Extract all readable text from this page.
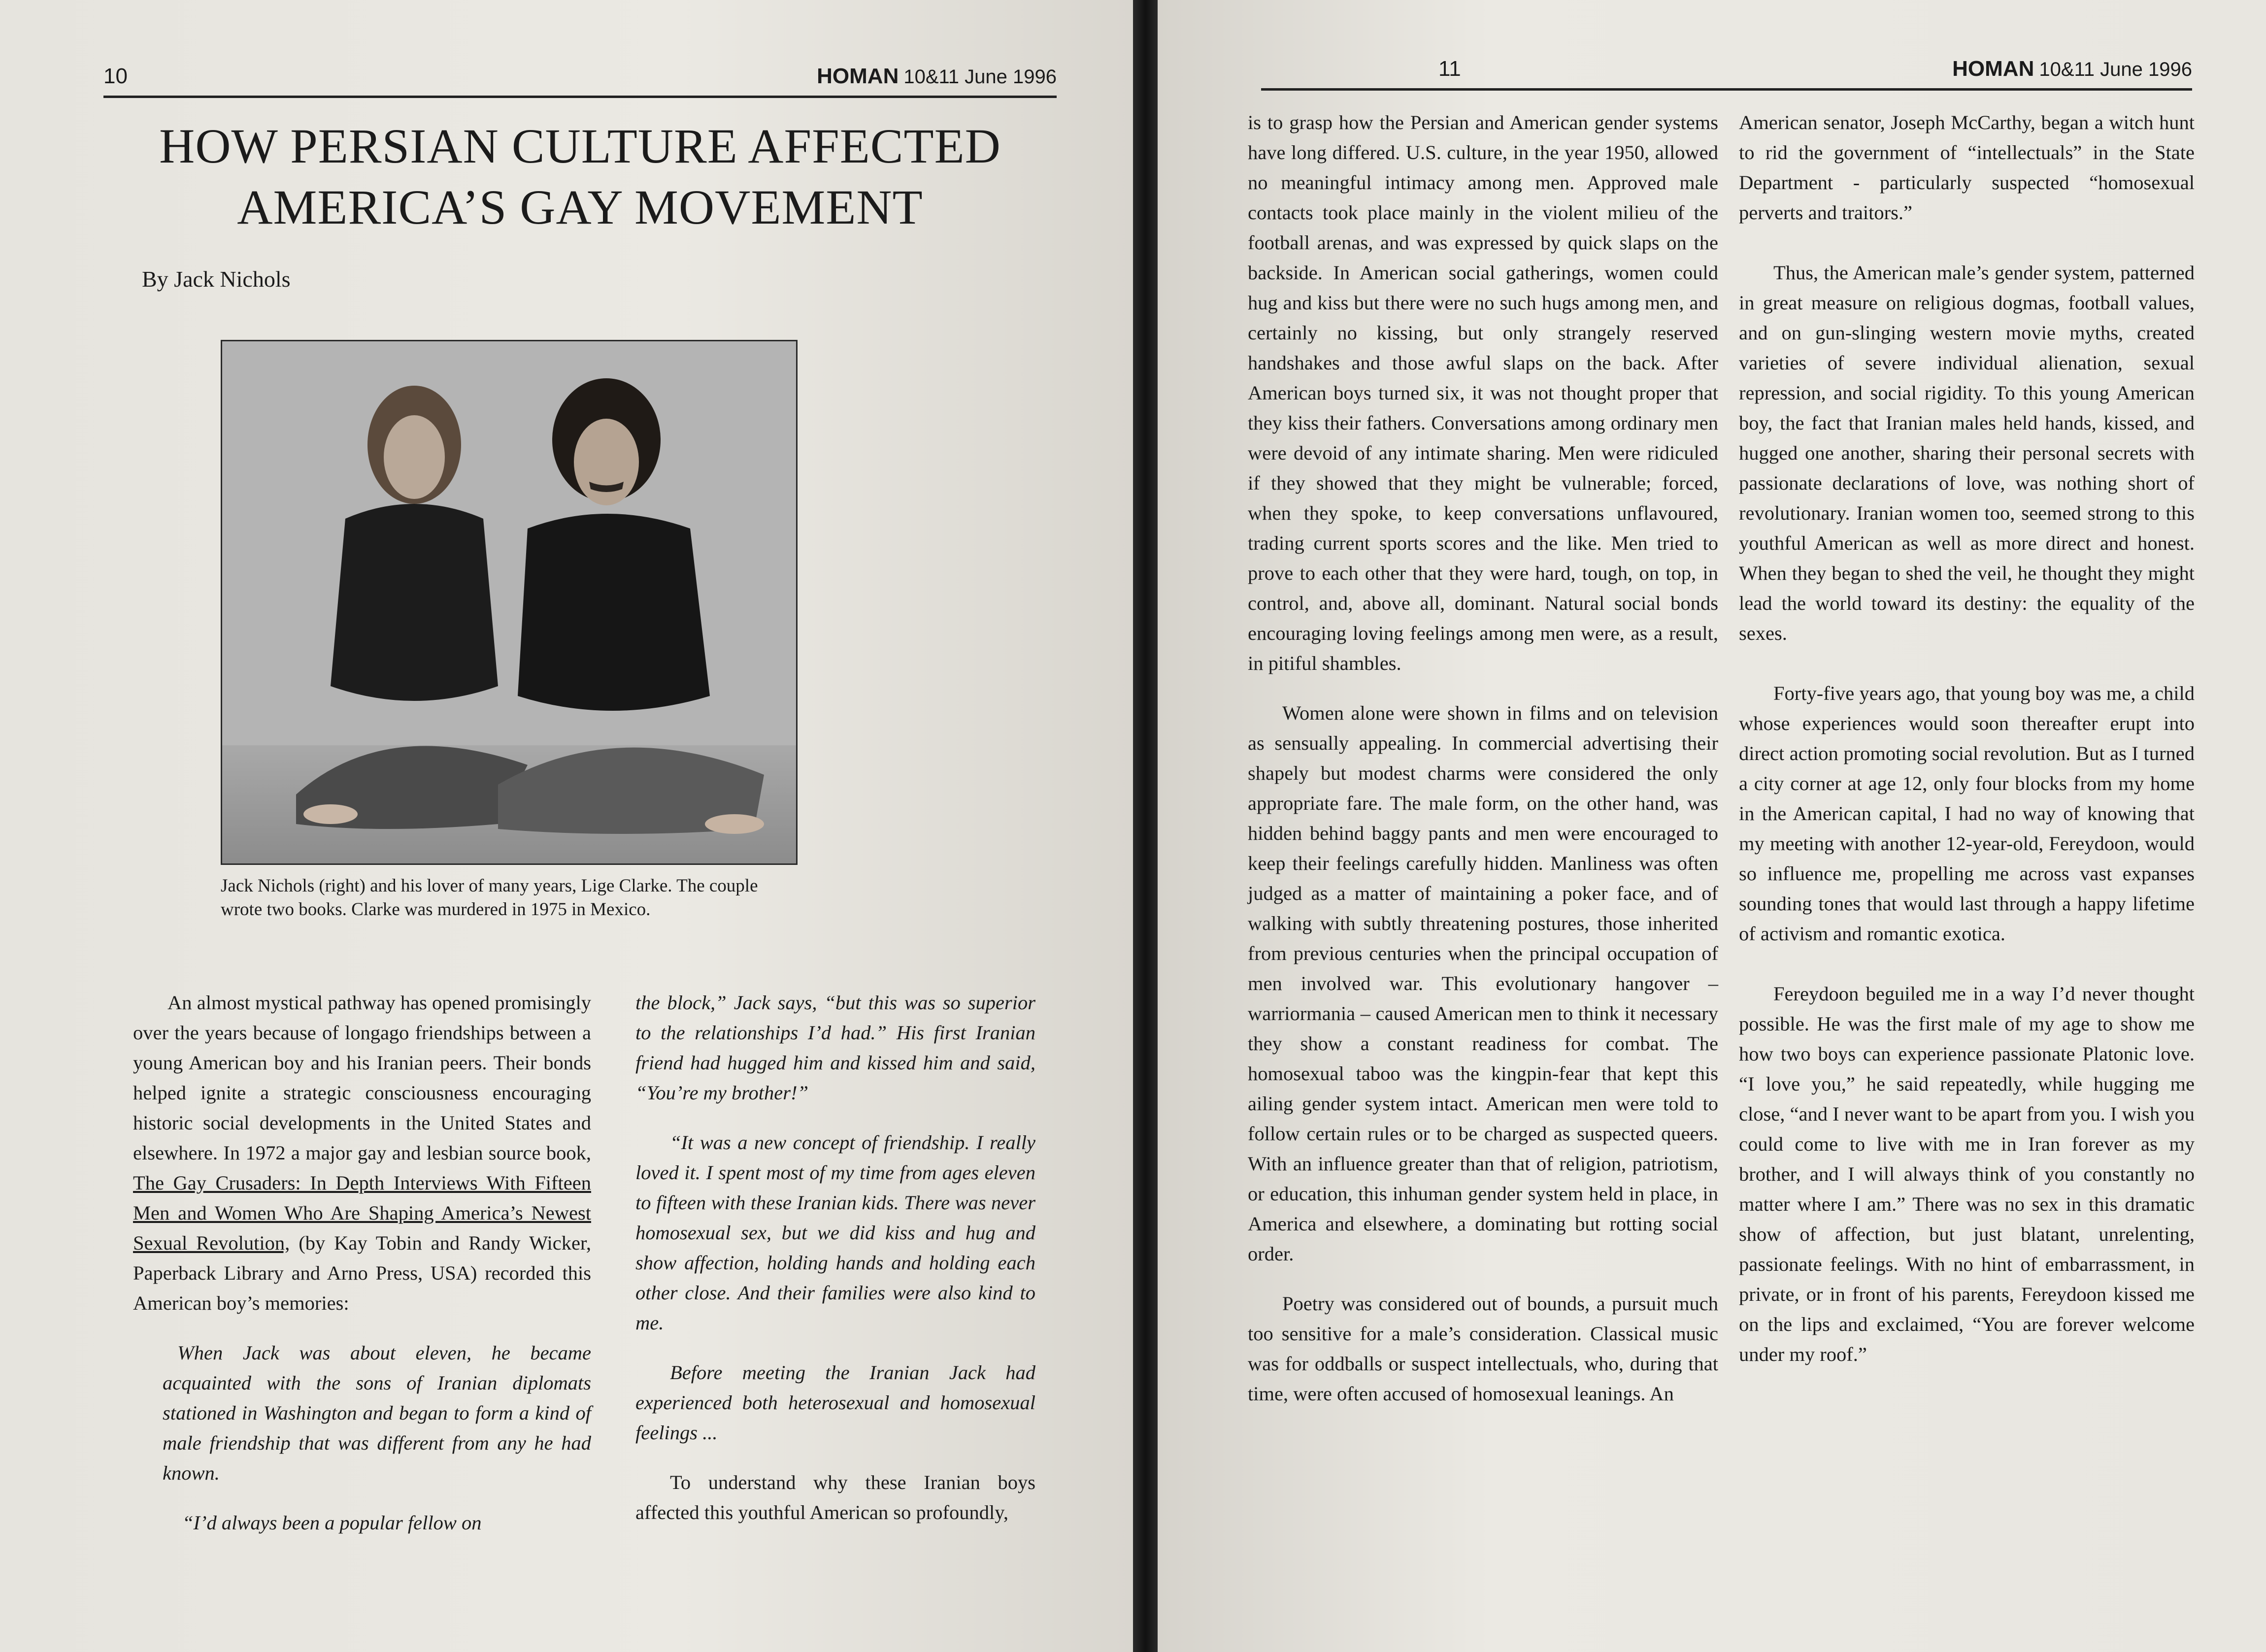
10	HOMAN 10&11 June 1996
HOW PERSIAN CULTURE AFFECTED
AMERICA’S GAY MOVEMENT
By Jack Nichols
Jack Nichols (right) and his lover of many years, Lige Clarke. The couple wrote two books. Clarke was murdered in 1975 in Mexico.

An almost mystical pathway has opened promisingly over the years because of longago friendships between a young American boy and his Iranian peers. Their bonds helped ignite a strategic consciousness encouraging historic social developments in the United States and elsewhere. In 1972 a major gay and lesbian source book, The Gay Crusaders: In Depth Interviews With Fifteen Men and Women Who Are Shaping America’s Newest Sexual Revolution, (by Kay Tobin and Randy Wicker, Paperback Library and Arno Press, USA) recorded this American boy’s memories:

When Jack was about eleven, he became acquainted with the sons of Iranian diplomats stationed in Washington and began to form a kind of male friendship that was different from any he had known.

“I’d always been a popular fellow on

the block,” Jack says, “but this was so superior to the relationships I’d had.” His first Iranian friend had hugged him and kissed him and said, “You’re my brother!”

“It was a new concept of friendship. I really loved it. I spent most of my time from ages eleven to fifteen with these Iranian kids. There was never homosexual sex, but we did kiss and hug and show affection, holding hands and holding each other close. And their families were also kind to me.

Before meeting the Iranian Jack had experienced both heterosexual and homosexual feelings ...

To understand why these Iranian boys affected this youthful American so profoundly,

11	HOMAN 10&11 June 1996

is to grasp how the Persian and American gender systems have long differed. U.S. culture, in the year 1950, allowed no meaningful intimacy among men. Approved male contacts took place mainly in the violent milieu of the football arenas, and was expressed by quick slaps on the backside. In American social gatherings, women could hug and kiss but there were no such hugs among men, and certainly no kissing, but only strangely reserved handshakes and those awful slaps on the back. After American boys turned six, it was not thought proper that they kiss their fathers. Conversations among ordinary men were devoid of any intimate sharing. Men were ridiculed if they showed that they might be vulnerable; forced, when they spoke, to keep conversations unflavoured, trading current sports scores and the like. Men tried to prove to each other that they were hard, tough, on top, in control, and, above all, dominant. Natural social bonds encouraging loving feelings among men were, as a result, in pitiful shambles.

Women alone were shown in films and on television as sensually appealing. In commercial advertising their shapely but modest charms were considered the only appropriate fare. The male form, on the other hand, was hidden behind baggy pants and men were encouraged to keep their feelings carefully hidden. Manliness was often judged as a matter of maintaining a poker face, and of walking with subtly threatening postures, those inherited from previous centuries when the principal occupation of men involved war. This evolutionary hangover – warriormania – caused American men to think it necessary they show a constant readiness for combat. The homosexual taboo was the kingpin-fear that kept this ailing gender system intact. American men were told to follow certain rules or to be charged as suspected queers. With an influence greater than that of religion, patriotism, or education, this inhuman gender system held in place, in America and elsewhere, a dominating but rotting social order.

Poetry was considered out of bounds, a pursuit much too sensitive for a male’s consideration. Classical music was for oddballs or suspect intellectuals, who, during that time, were often accused of homosexual leanings. An

American senator, Joseph McCarthy, began a witch hunt to rid the government of “intellectuals” in the State Department - particularly suspected “homosexual perverts and traitors.”

Thus, the American male’s gender system, patterned in great measure on religious dogmas, football values, and on gun-slinging western movie myths, created varieties of severe individual alienation, sexual repression, and social rigidity. To this young American boy, the fact that Iranian males held hands, kissed, and hugged one another, sharing their personal secrets with passionate declarations of love, was nothing short of revolutionary. Iranian women too, seemed strong to this youthful American as well as more direct and honest. When they began to shed the veil, he thought they might lead the world toward its destiny: the equality of the sexes.

Forty-five years ago, that young boy was me, a child whose experiences would soon thereafter erupt into direct action promoting social revolution. But as I turned a city corner at age 12, only four blocks from my home in the American capital, I had no way of knowing that my meeting with another 12-year-old, Fereydoon, would so influence me, propelling me across vast expanses sounding tones that would last through a happy lifetime of activism and romantic exotica.

Fereydoon beguiled me in a way I’d never thought possible. He was the first male of my age to show me how two boys can experience passionate Platonic love. “I love you,” he said repeatedly, while hugging me close, “and I never want to be apart from you. I wish you could come to live with me in Iran forever as my brother, and I will always think of you constantly no matter where I am.” There was no sex in this dramatic show of affection, but just blatant, unrelenting, passionate feelings. With no hint of embarrassment, in private, or in front of his parents, Fereydoon kissed me on the lips and exclaimed, “You are forever welcome under my roof.”
